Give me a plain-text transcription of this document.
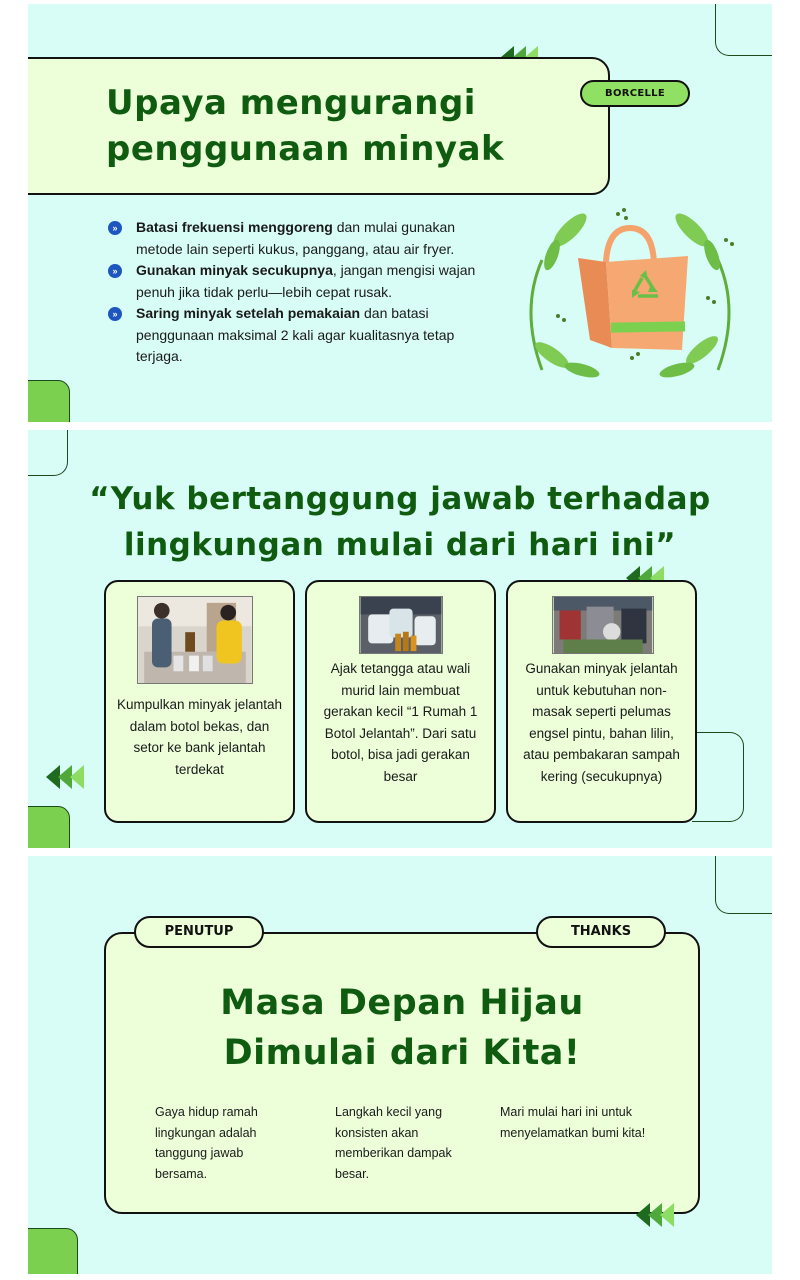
Upaya mengurangi
penggunaan minyak
BORCELLE
»	Batasi frekuensi menggoreng dan mulai gunakan metode lain seperti kukus, panggang, atau air fryer.
»	Gunakan minyak secukupnya, jangan mengisi wajan penuh jika tidak perlu—lebih cepat rusak.
»	Saring minyak setelah pemakaian dan batasi penggunaan maksimal 2 kali agar kualitasnya tetap terjaga.
“Yuk bertanggung jawab terhadap
lingkungan mulai dari hari ini”
Kumpulkan minyak jelantah dalam botol bekas, dan setor ke bank jelantah terdekat
Ajak tetangga atau wali murid lain membuat gerakan kecil “1 Rumah 1 Botol Jelantah”. Dari satu botol, bisa jadi gerakan besar
Gunakan minyak jelantah untuk kebutuhan non-masak seperti pelumas engsel pintu, bahan lilin, atau pembakaran sampah kering (secukupnya)
PENUTUP	THANKS
Masa Depan Hijau
Dimulai dari Kita!
Gaya hidup ramah lingkungan adalah tanggung jawab bersama.
Langkah kecil yang konsisten akan memberikan dampak besar.
Mari mulai hari ini untuk menyelamatkan bumi kita!
